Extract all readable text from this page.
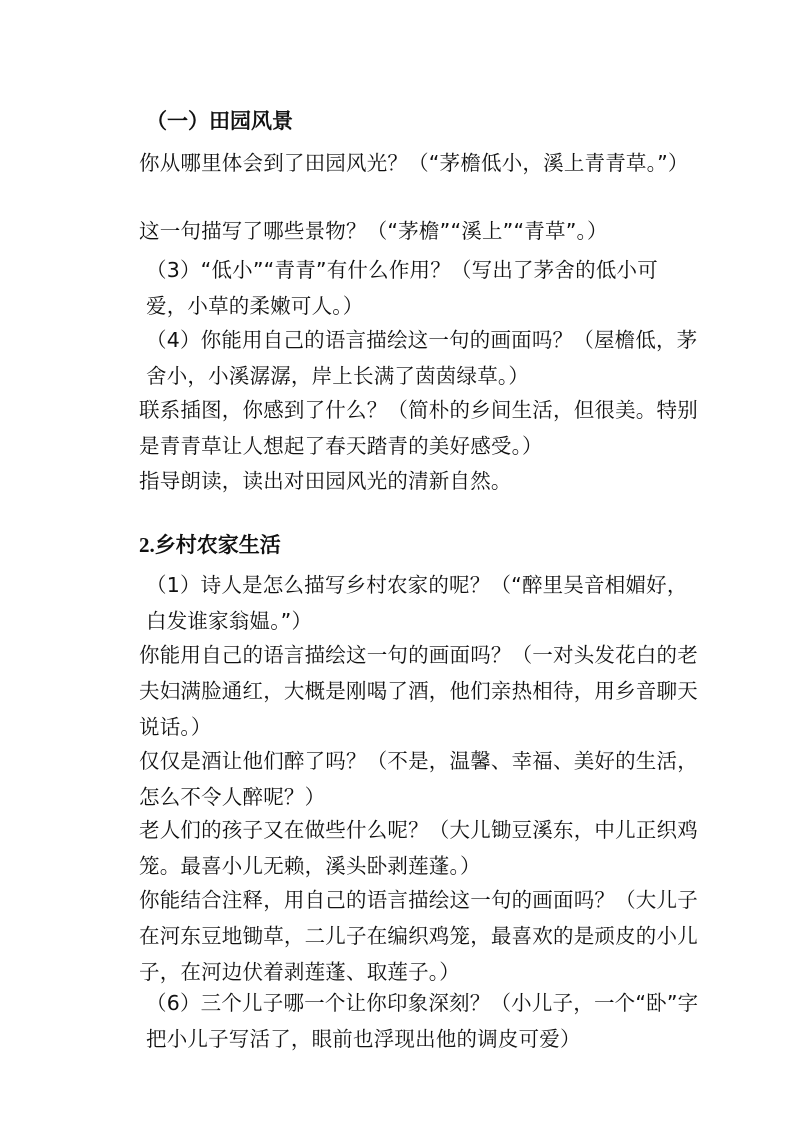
（一）田园风景

你从哪里体会到了田园风光？（“茅檐低小，溪上青青草。”）

这一句描写了哪些景物？（“茅檐”“溪上”“青草”。）

（3）“低小”“青青”有什么作用？（写出了茅舍的低小可爱，小草的柔嫩可人。）

（4）你能用自己的语言描绘这一句的画面吗？（屋檐低，茅舍小，小溪潺潺，岸上长满了茵茵绿草。）

联系插图，你感到了什么？（简朴的乡间生活，但很美。特别是青青草让人想起了春天踏青的美好感受。）

指导朗读，读出对田园风光的清新自然。

2.乡村农家生活

（1）诗人是怎么描写乡村农家的呢？（“醉里吴音相媚好，白发谁家翁媪。”）

你能用自己的语言描绘这一句的画面吗？（一对头发花白的老夫妇满脸通红，大概是刚喝了酒，他们亲热相待，用乡音聊天说话。）

仅仅是酒让他们醉了吗？（不是，温馨、幸福、美好的生活，怎么不令人醉呢？）

老人们的孩子又在做些什么呢？（大儿锄豆溪东，中儿正织鸡笼。最喜小儿无赖，溪头卧剥莲蓬。）

你能结合注释，用自己的语言描绘这一句的画面吗？（大儿子在河东豆地锄草，二儿子在编织鸡笼，最喜欢的是顽皮的小儿子，在河边伏着剥莲蓬、取莲子。）

（6）三个儿子哪一个让你印象深刻？（小儿子，一个“卧”字把小儿子写活了，眼前也浮现出他的调皮可爱）
